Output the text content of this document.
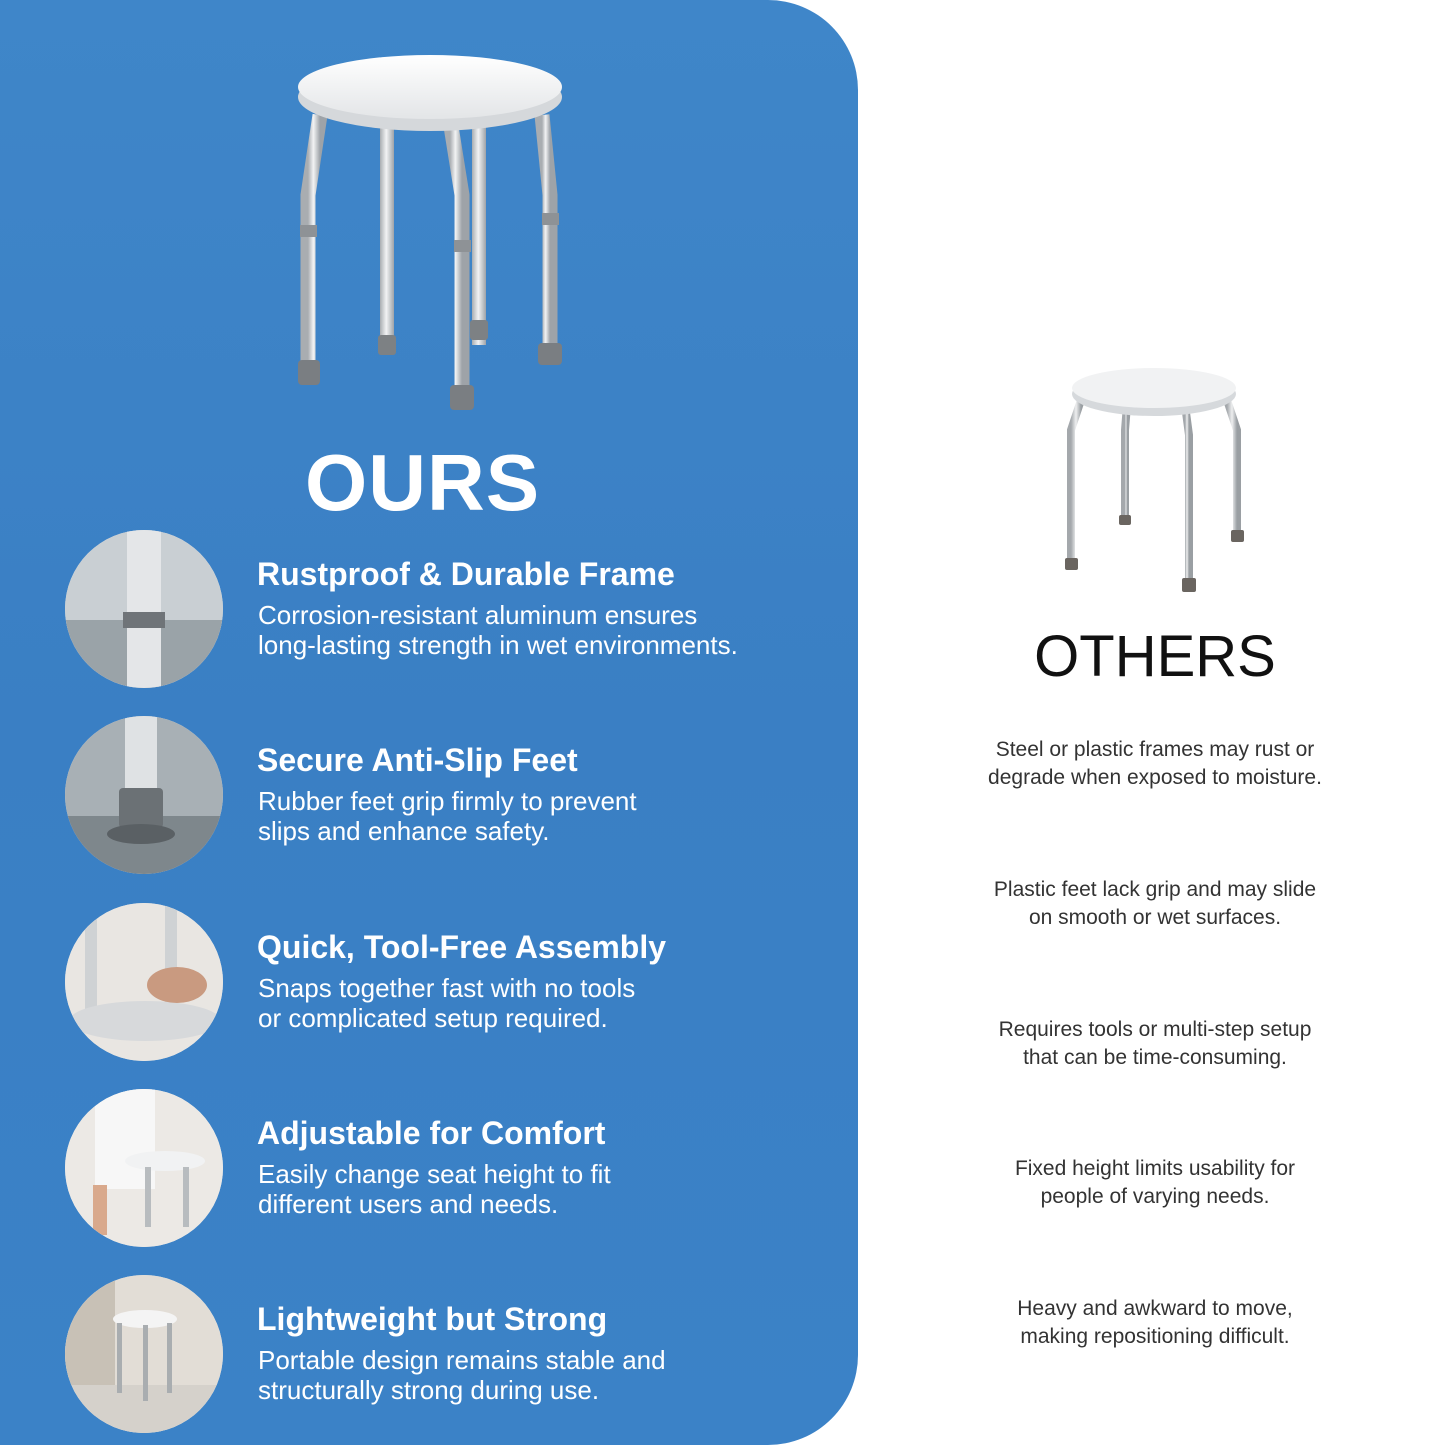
OURS
Rustproof & Durable Frame
Corrosion-resistant aluminum ensures
long-lasting strength in wet environments.
Secure Anti-Slip Feet
Rubber feet grip firmly to prevent
slips and enhance safety.
Quick, Tool-Free Assembly
Snaps together fast with no tools
or complicated setup required.
Adjustable for Comfort
Easily change seat height to fit
different users and needs.
Lightweight but Strong
Portable design remains stable and
structurally strong during use.
OTHERS
Steel or plastic frames may rust or
degrade when exposed to moisture.
Plastic feet lack grip and may slide
on smooth or wet surfaces.
Requires tools or multi-step setup
that can be time-consuming.
Fixed height limits usability for
people of varying needs.
Heavy and awkward to move,
making repositioning difficult.
